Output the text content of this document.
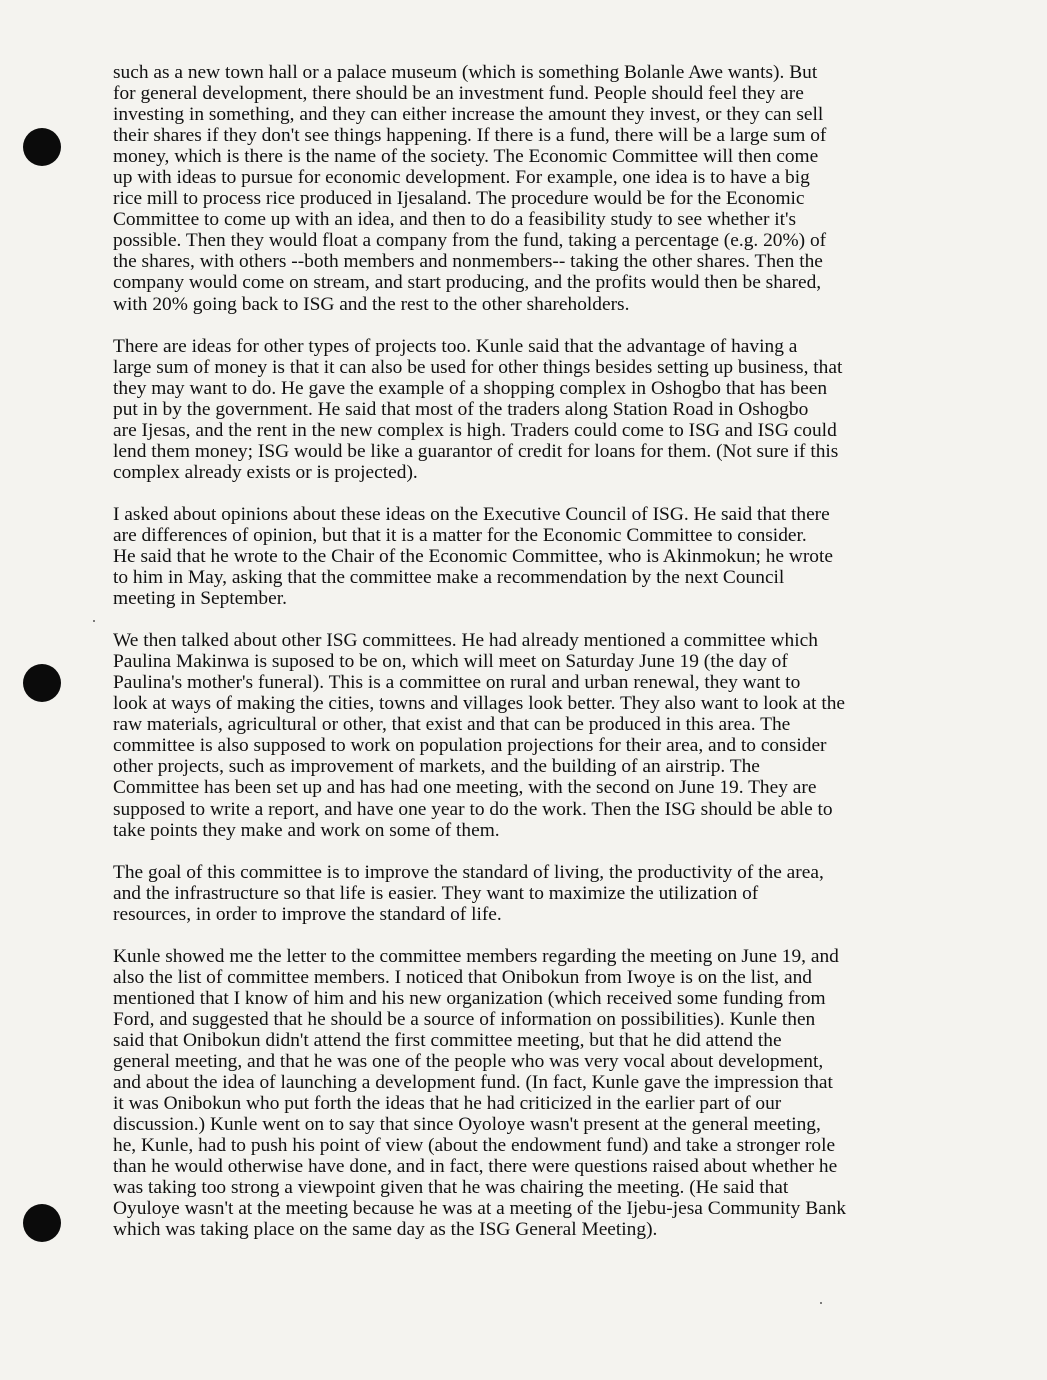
such as a new town hall or a palace museum (which is something Bolanle Awe wants). But
for general development, there should be an investment fund. People should feel they are
investing in something, and they can either increase the amount they invest, or they can sell
their shares if they don't see things happening. If there is a fund, there will be a large sum of
money, which is there is the name of the society. The Economic Committee will then come
up with ideas to pursue for economic development. For example, one idea is to have a big
rice mill to process rice produced in Ijesaland. The procedure would be for the Economic
Committee to come up with an idea, and then to do a feasibility study to see whether it's
possible. Then they would float a company from the fund, taking a percentage (e.g. 20%) of
the shares, with others --both members and nonmembers-- taking the other shares. Then the
company would come on stream, and start producing, and the profits would then be shared,
with 20% going back to ISG and the rest to the other shareholders.

There are ideas for other types of projects too. Kunle said that the advantage of having a
large sum of money is that it can also be used for other things besides setting up business, that
they may want to do. He gave the example of a shopping complex in Oshogbo that has been
put in by the government. He said that most of the traders along Station Road in Oshogbo
are Ijesas, and the rent in the new complex is high. Traders could come to ISG and ISG could
lend them money; ISG would be like a guarantor of credit for loans for them. (Not sure if this
complex already exists or is projected).

I asked about opinions about these ideas on the Executive Council of ISG. He said that there
are differences of opinion, but that it is a matter for the Economic Committee to consider.
He said that he wrote to the Chair of the Economic Committee, who is Akinmokun; he wrote
to him in May, asking that the committee make a recommendation by the next Council
meeting in September.

We then talked about other ISG committees. He had already mentioned a committee which
Paulina Makinwa is suposed to be on, which will meet on Saturday June 19 (the day of
Paulina's mother's funeral). This is a committee on rural and urban renewal, they want to
look at ways of making the cities, towns and villages look better. They also want to look at the
raw materials, agricultural or other, that exist and that can be produced in this area. The
committee is also supposed to work on population projections for their area, and to consider
other projects, such as improvement of markets, and the building of an airstrip. The
Committee has been set up and has had one meeting, with the second on June 19. They are
supposed to write a report, and have one year to do the work. Then the ISG should be able to
take points they make and work on some of them.

The goal of this committee is to improve the standard of living, the productivity of the area,
and the infrastructure so that life is easier. They want to maximize the utilization of
resources, in order to improve the standard of life.

Kunle showed me the letter to the committee members regarding the meeting on June 19, and
also the list of committee members. I noticed that Onibokun from Iwoye is on the list, and
mentioned that I know of him and his new organization (which received some funding from
Ford, and suggested that he should be a source of information on possibilities). Kunle then
said that Onibokun didn't attend the first committee meeting, but that he did attend the
general meeting, and that he was one of the people who was very vocal about development,
and about the idea of launching a development fund. (In fact, Kunle gave the impression that
it was Onibokun who put forth the ideas that he had criticized in the earlier part of our
discussion.) Kunle went on to say that since Oyoloye wasn't present at the general meeting,
he, Kunle, had to push his point of view (about the endowment fund) and take a stronger role
than he would otherwise have done, and in fact, there were questions raised about whether he
was taking too strong a viewpoint given that he was chairing the meeting. (He said that
Oyuloye wasn't at the meeting because he was at a meeting of the Ijebu-jesa Community Bank
which was taking place on the same day as the ISG General Meeting).
